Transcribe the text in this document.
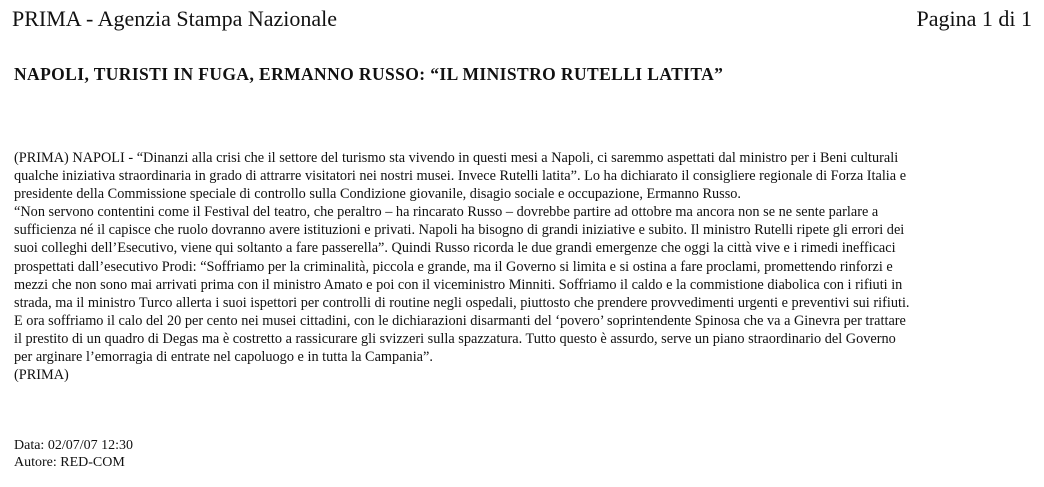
PRIMA - Agenzia Stampa Nazionale	Pagina 1 di 1
NAPOLI, TURISTI IN FUGA, ERMANNO RUSSO: “IL MINISTRO RUTELLI LATITA”
(PRIMA) NAPOLI - “Dinanzi alla crisi che il settore del turismo sta vivendo in questi mesi a Napoli, ci saremmo aspettati dal ministro per i Beni culturali
qualche iniziativa straordinaria in grado di attrarre visitatori nei nostri musei. Invece Rutelli latita”. Lo ha dichiarato il consigliere regionale di Forza Italia e
presidente della Commissione speciale di controllo sulla Condizione giovanile, disagio sociale e occupazione, Ermanno Russo.
“Non servono contentini come il Festival del teatro, che peraltro – ha rincarato Russo – dovrebbe partire ad ottobre ma ancora non se ne sente parlare a
sufficienza né il capisce che ruolo dovranno avere istituzioni e privati. Napoli ha bisogno di grandi iniziative e subito. Il ministro Rutelli ripete gli errori dei
suoi colleghi dell’Esecutivo, viene qui soltanto a fare passerella”. Quindi Russo ricorda le due grandi emergenze che oggi la città vive e i rimedi inefficaci
prospettati dall’esecutivo Prodi: “Soffriamo per la criminalità, piccola e grande, ma il Governo si limita e si ostina a fare proclami, promettendo rinforzi e
mezzi che non sono mai arrivati prima con il ministro Amato e poi con il viceministro Minniti. Soffriamo il caldo e la commistione diabolica con i rifiuti in
strada, ma il ministro Turco allerta i suoi ispettori per controlli di routine negli ospedali, piuttosto che prendere provvedimenti urgenti e preventivi sui rifiuti.
E ora soffriamo il calo del 20 per cento nei musei cittadini, con le dichiarazioni disarmanti del ‘povero’ soprintendente Spinosa che va a Ginevra per trattare
il prestito di un quadro di Degas ma è costretto a rassicurare gli svizzeri sulla spazzatura. Tutto questo è assurdo, serve un piano straordinario del Governo
per arginare l’emorragia di entrate nel capoluogo e in tutta la Campania”.
(PRIMA)
Data: 02/07/07 12:30
Autore: RED-COM
